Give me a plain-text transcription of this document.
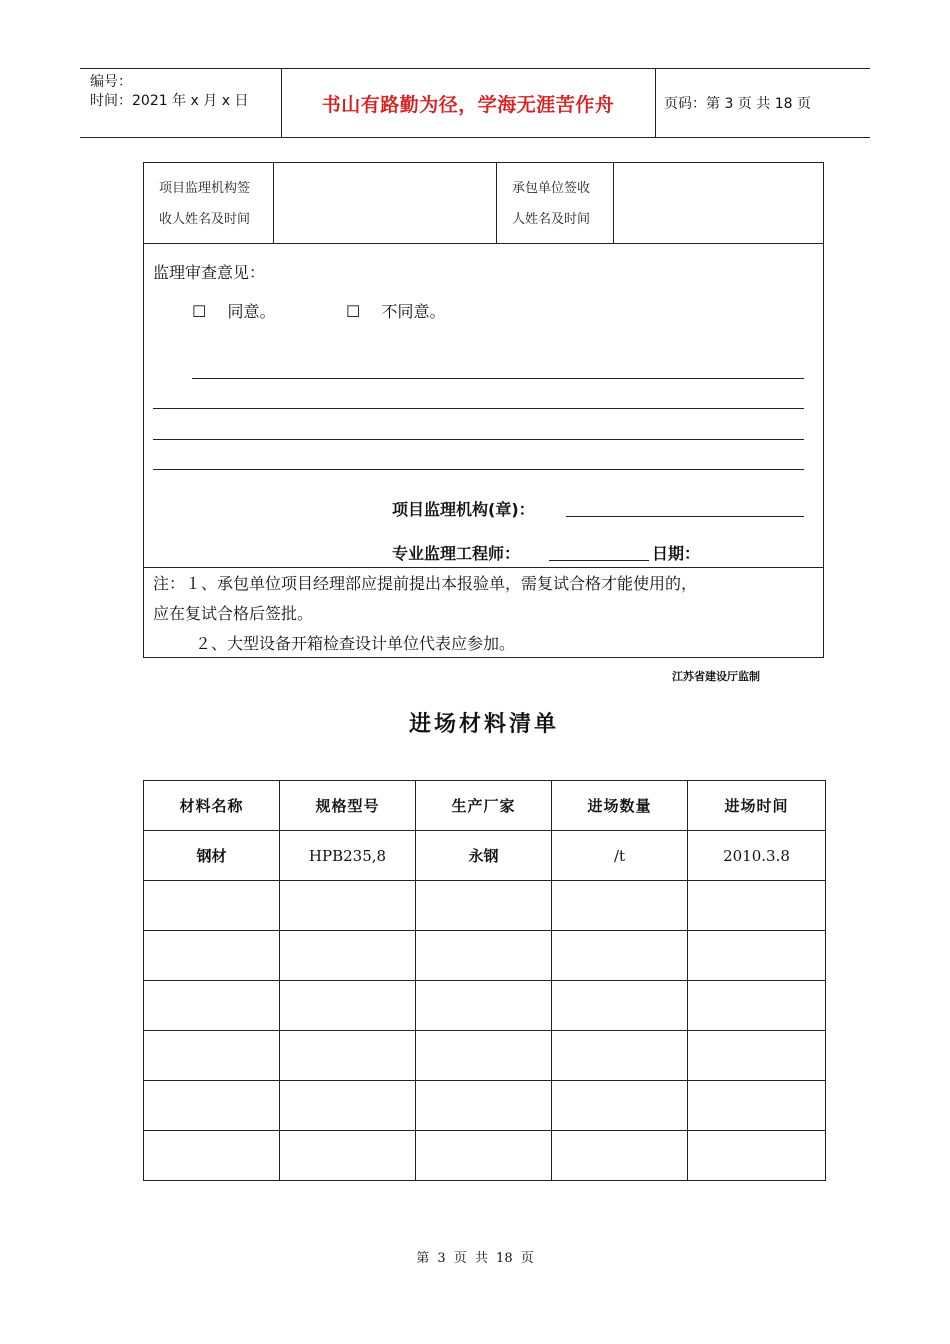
编号：
时间：2021 年 x 月 x 日	书山有路勤为径，学海无涯苦作舟	页码：第 3 页 共 18 页
项目监理机构签
收人姓名及时间
承包单位签收
人姓名及时间
监理审查意见：
☐ 同意。	☐ 不同意。
项目监理机构(章)：
专业监理工程师：	日期：
注：１、承包单位项目经理部应提前提出本报验单，需复试合格才能使用的，
应在复试合格后签批。
２、大型设备开箱检查设计单位代表应参加。
江苏省建设厅监制
进场材料清单
材料名称	规格型号	生产厂家	进场数量	进场时间
钢材	HPB235,8	永钢	/t	2010.3.8

第 3 页 共 18 页
